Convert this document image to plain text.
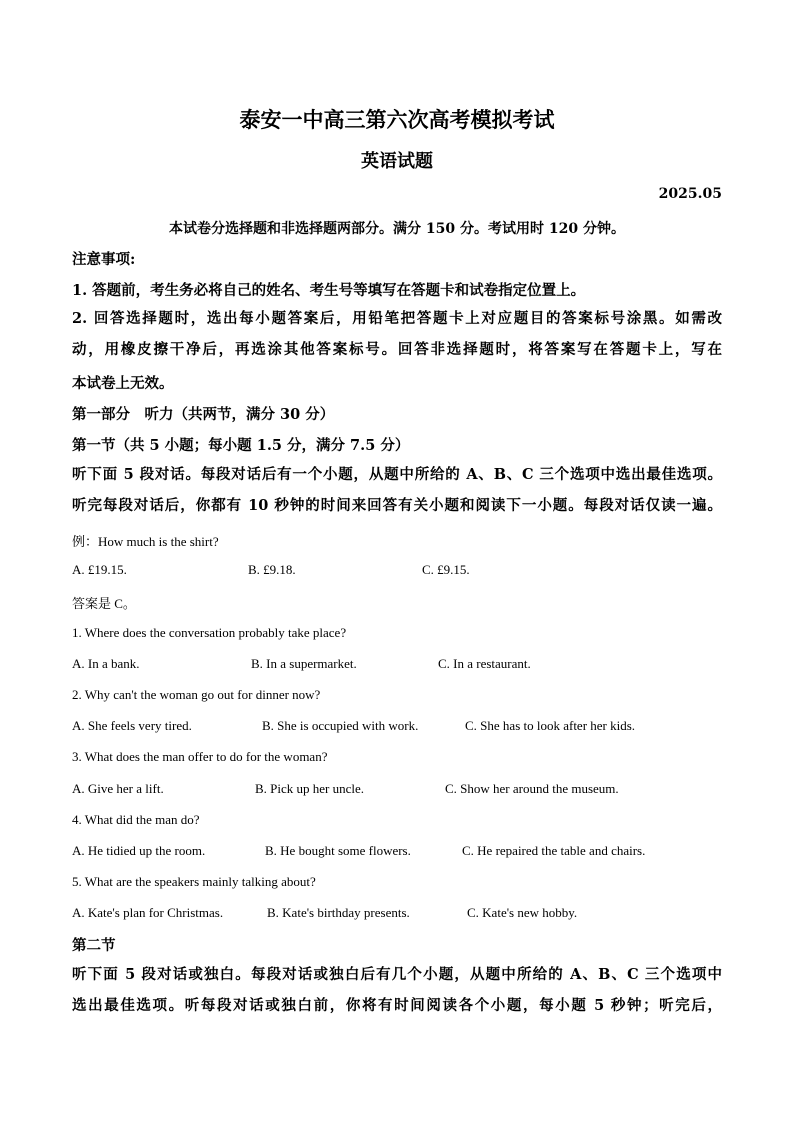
泰安一中高三第六次高考模拟考试
英语试题
2025.05
本试卷分选择题和非选择题两部分。满分 150 分。考试用时 120 分钟。
注意事项:
1. 答题前，考生务必将自己的姓名、考生号等填写在答题卡和试卷指定位置上。
2. 回答选择题时，选出每小题答案后，用铅笔把答题卡上对应题目的答案标号涂黑。如需改
动，用橡皮擦干净后，再选涂其他答案标号。回答非选择题时，将答案写在答题卡上，写在
本试卷上无效。
第一部分　听力（共两节，满分 30 分）
第一节（共 5 小题；每小题 1.5 分，满分 7.5 分）
听下面 5 段对话。每段对话后有一个小题，从题中所给的 A、B、C 三个选项中选出最佳选项。
听完每段对话后，你都有 10 秒钟的时间来回答有关小题和阅读下一小题。每段对话仅读一遍。
例：How much is the shirt?
A. £19.15.	B. £9.18.	C. £9.15.
答案是 C。
1. Where does the conversation probably take place?
A. In a bank.	B. In a supermarket.	C. In a restaurant.
2. Why can't the woman go out for dinner now?
A. She feels very tired.	B. She is occupied with work.	C. She has to look after her kids.
3. What does the man offer to do for the woman?
A. Give her a lift.	B. Pick up her uncle.	C. Show her around the museum.
4. What did the man do?
A. He tidied up the room.	B. He bought some flowers.	C. He repaired the table and chairs.
5. What are the speakers mainly talking about?
A. Kate's plan for Christmas.	B. Kate's birthday presents.	C. Kate's new hobby.
第二节
听下面 5 段对话或独白。每段对话或独白后有几个小题，从题中所给的 A、B、C 三个选项中
选出最佳选项。听每段对话或独白前，你将有时间阅读各个小题，每小题 5 秒钟；听完后，
